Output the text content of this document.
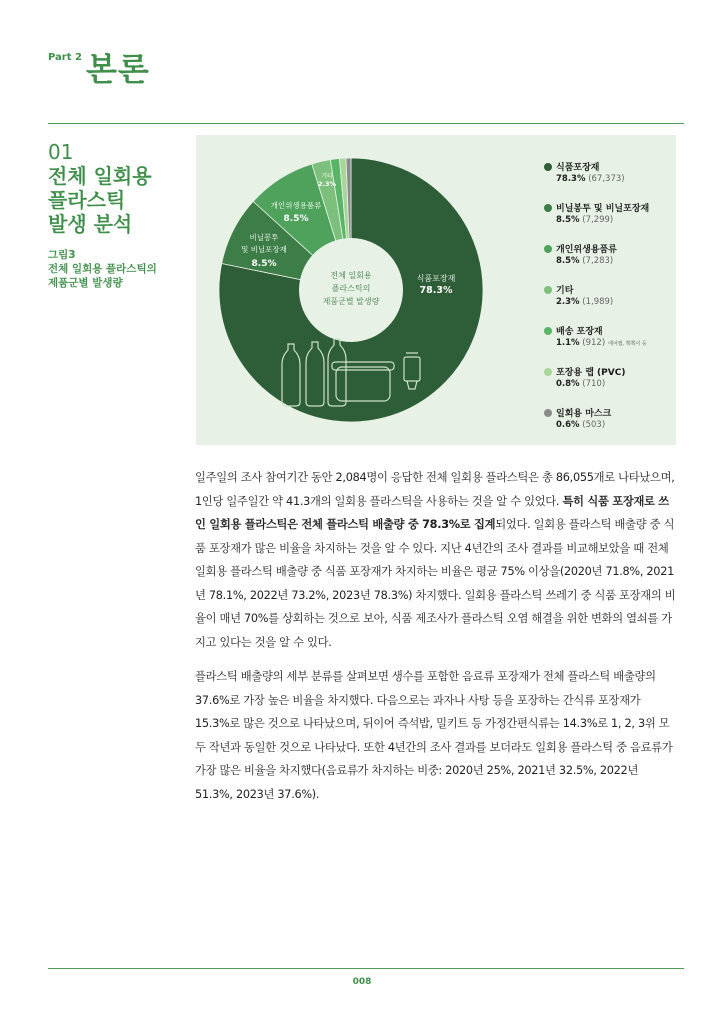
Part 2 본론
01
전체 일회용
플라스틱
발생 분석
그림3
전체 일회용 플라스틱의
제품군별 발생량
전체 일회용
플라스틱의
제품군별 발생량
식품포장재
78.3%
비닐봉투
및 비닐포장재
8.5%
개인위생용품류
8.5%
기타
2.3%
식품포장재
78.3% (67,373)
비닐봉투 및 비닐포장재
8.5% (7,299)
개인위생용품류
8.5% (7,283)
기타
2.3% (1,989)
배송 포장재
1.1% (912) 에어캡, 뽁뽁이 등
포장용 랩 (PVC)
0.8% (710)
일회용 마스크
0.6% (503)

일주일의 조사 참여기간 동안 2,084명이 응답한 전체 일회용 플라스틱은 총 86,055개로 나타났으며, 1인당 일주일간 약 41.3개의 일회용 플라스틱을 사용하는 것을 알 수 있었다. 특히 식품 포장재로 쓰인 일회용 플라스틱은 전체 플라스틱 배출량 중 78.3%로 집계되었다. 일회용 플라스틱 배출량 중 식품 포장재가 많은 비율을 차지하는 것을 알 수 있다. 지난 4년간의 조사 결과를 비교해보았을 때 전체 일회용 플라스틱 배출량 중 식품 포장재가 차지하는 비율은 평균 75% 이상을(2020년 71.8%, 2021년 78.1%, 2022년 73.2%, 2023년 78.3%) 차지했다. 일회용 플라스틱 쓰레기 중 식품 포장재의 비율이 매년 70%를 상회하는 것으로 보아, 식품 제조사가 플라스틱 오염 해결을 위한 변화의 열쇠를 가지고 있다는 것을 알 수 있다.

플라스틱 배출량의 세부 분류를 살펴보면 생수를 포함한 음료류 포장재가 전체 플라스틱 배출량의 37.6%로 가장 높은 비율을 차지했다. 다음으로는 과자나 사탕 등을 포장하는 간식류 포장재가 15.3%로 많은 것으로 나타났으며, 뒤이어 즉석밥, 밀키트 등 가정간편식류는 14.3%로 1, 2, 3위 모두 작년과 동일한 것으로 나타났다. 또한 4년간의 조사 결과를 보더라도 일회용 플라스틱 중 음료류가 가장 많은 비율을 차지했다(음료류가 차지하는 비중: 2020년 25%, 2021년 32.5%, 2022년 51.3%, 2023년 37.6%).

008
